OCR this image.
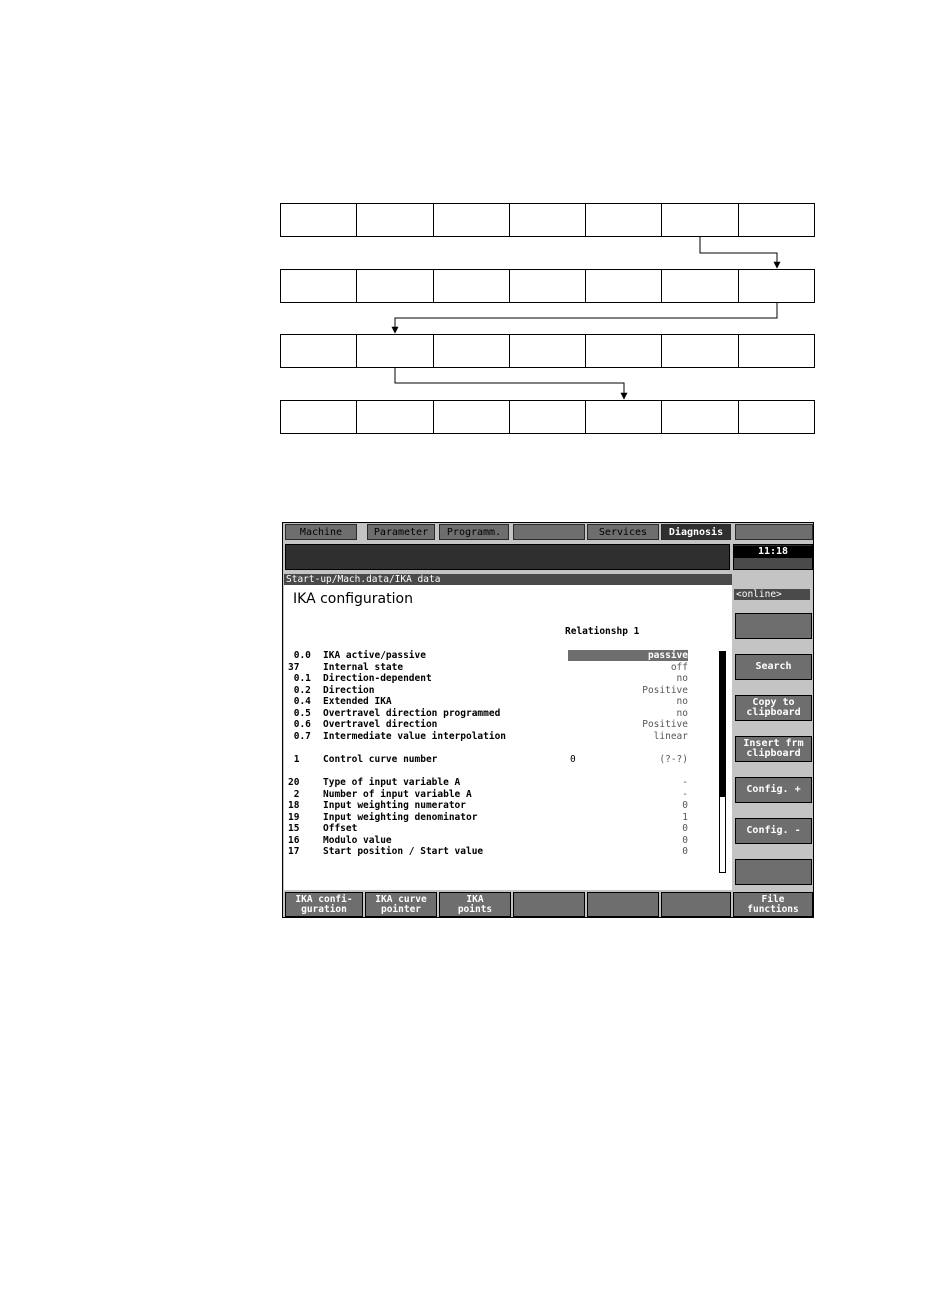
Machine	Parameter	Programm.	Services	Diagnosis
11:18
Start-up/Mach.data/IKA data
IKA configuration
Relationshp 1
0.0	IKA active/passive	passive
37	Internal state	off
0.1	Direction-dependent	no
0.2	Direction	Positive
0.4	Extended IKA	no
0.5	Overtravel direction programmed	no
0.6	Overtravel direction	Positive
0.7	Intermediate value interpolation	linear
1	Control curve number	0	(?-?)
20	Type of input variable A	-
2	Number of input variable A	-
18	Input weighting numerator	0
19	Input weighting denominator	1
15	Offset	0
16	Modulo value	0
17	Start position / Start value	0
<online>
Search
Copy to
clipboard
Insert frm
clipboard
Config. +
Config. -
IKA confi-
guration
IKA curve
pointer
IKA
points
File
functions
